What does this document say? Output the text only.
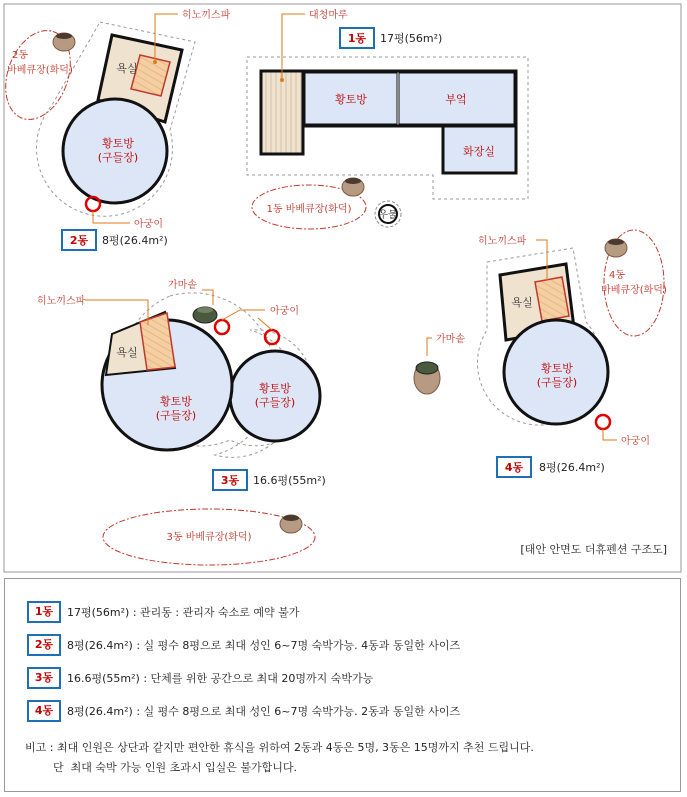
황토방	부엌
화장실
대청마루
1동 17평(56m²)
1동 바베큐장(화덕)
우물
욕실
황토방
(구들장)
아궁이
히노끼스파
2동
바베큐장(화덕)
2동 8평(26.4m²)
욕실
황토방
(구들장)
황토방
(구들장)
히노끼스파
가마솥
아궁이
3동 16.6평(55m²)
3동 바베큐장(화덕)
가마솥
욕실
황토방
(구들장)
히노끼스파
아궁이
4동
바베큐장(화덕)
4동 8평(26.4m²)
[태안 안면도 더휴펜션 구조도]
1동	17평(56m²) : 관리동 : 관리자 숙소로 예약 불가
2동	8평(26.4m²) : 실 평수 8평으로 최대 성인 6~7명 숙박가능. 4동과 동일한 사이즈
3동	16.6평(55m²) : 단체를 위한 공간으로 최대 20명까지 숙박가능
4동	8평(26.4m²) : 실 평수 8평으로 최대 성인 6~7명 숙박가능. 2동과 동일한 사이즈
비고 : 최대 인원은 상단과 같지만 편안한 휴식을 위하여 2동과 4동은 5명, 3동은 15명까지 추천 드립니다.
단  최대 숙박 가능 인원 초과시 입실은 불가합니다.
